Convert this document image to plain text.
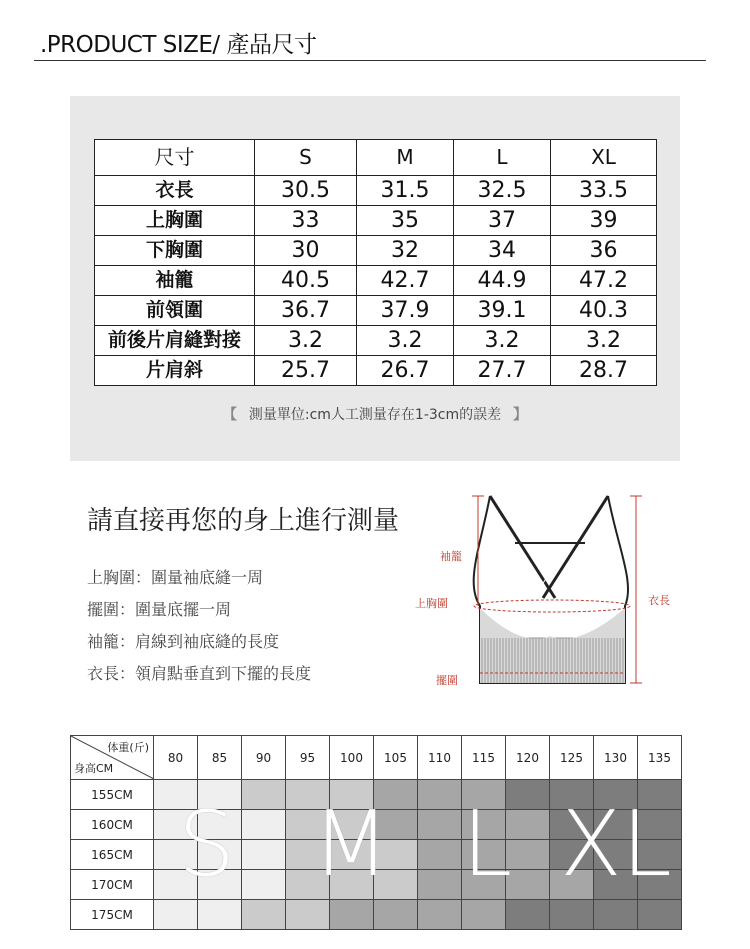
.PRODUCT SIZE/ 產品尺寸
尺寸	S	M	L	XL
衣長	30.5	31.5	32.5	33.5
上胸圍	33	35	37	39
下胸圍	30	32	34	36
袖籠	40.5	42.7	44.9	47.2
前領圍	36.7	37.9	39.1	40.3
前後片肩縫對接	3.2	3.2	3.2	3.2
片肩斜	25.7	26.7	27.7	28.7
【 測量單位:cm人工測量存在1-3cm的誤差 】
請直接再您的身上進行測量
上胸圍：圍量袖底縫一周
擺圍：圍量底擺一周
袖籠：肩線到袖底縫的長度
衣長：領肩點垂直到下擺的長度
袖籠
上胸圍	衣長
擺圍
体重(斤)
身高CM	80	85	90	95	100	105	110	115	120	125	130	135
155CM												
160CM												
165CM												
170CM												
175CM												
S M L XL
